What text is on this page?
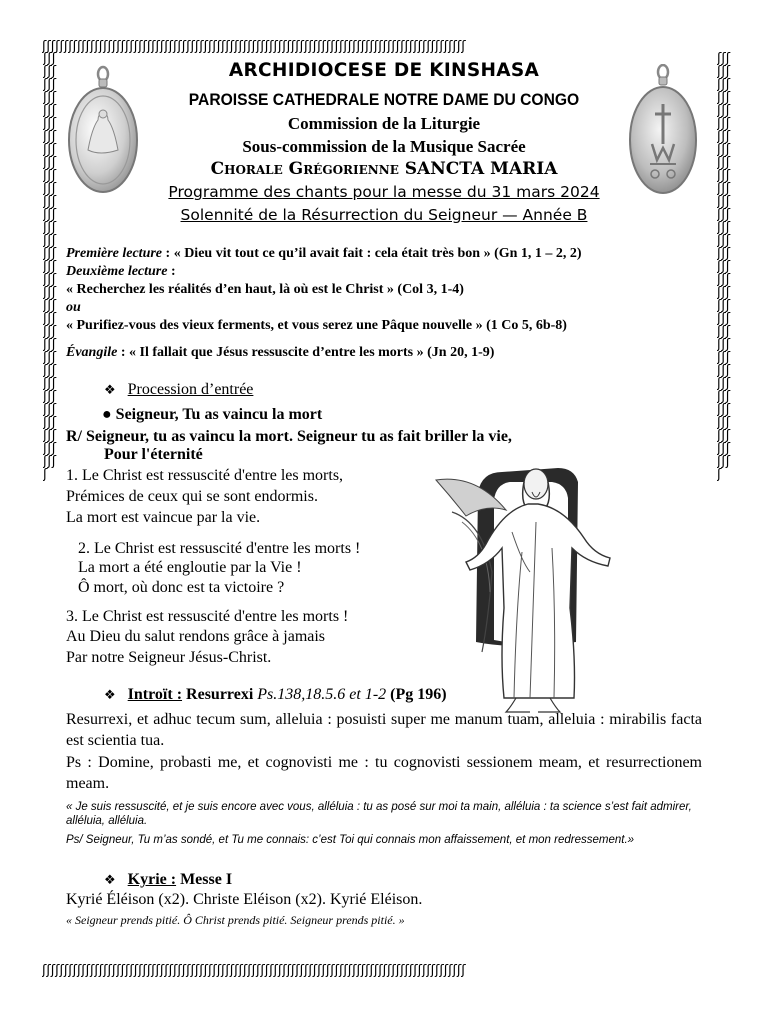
ʃʃʃʃʃʃʃʃʃʃʃʃʃʃʃʃʃʃʃʃʃʃʃʃʃʃʃʃʃʃʃʃʃʃʃʃʃʃʃʃʃʃʃʃʃʃʃʃʃʃʃʃʃʃʃʃʃʃʃʃʃʃʃʃʃʃʃʃʃʃʃʃʃʃʃʃʃʃʃʃʃʃʃʃʃʃʃʃʃʃʃʃʃʃʃʃʃ
ʃʃʃʃʃʃʃʃʃʃʃʃʃʃʃʃʃʃʃʃʃʃʃʃʃʃʃʃʃʃʃʃʃʃʃʃʃʃʃʃʃʃʃʃʃʃʃʃʃʃʃʃʃʃʃʃʃʃʃʃʃʃʃʃʃʃʃʃʃʃʃʃʃʃʃʃʃʃʃʃʃʃʃʃʃʃʃʃʃʃʃʃʃʃʃʃʃ
ʃʃʃʃʃʃʃʃʃʃʃʃʃʃʃʃʃʃʃʃʃʃʃʃʃʃʃʃʃʃʃʃʃʃʃʃʃʃʃʃʃʃʃʃʃʃʃʃʃʃʃʃʃʃʃʃʃʃʃʃʃʃʃʃʃʃʃʃʃʃʃʃʃʃʃʃʃʃʃʃʃʃʃʃʃʃʃʃʃʃʃʃʃʃʃʃʃ
ʃʃʃʃʃʃʃʃʃʃʃʃʃʃʃʃʃʃʃʃʃʃʃʃʃʃʃʃʃʃʃʃʃʃʃʃʃʃʃʃʃʃʃʃʃʃʃʃʃʃʃʃʃʃʃʃʃʃʃʃʃʃʃʃʃʃʃʃʃʃʃʃʃʃʃʃʃʃʃʃʃʃʃʃʃʃʃʃʃʃʃʃʃʃʃʃʃ
ARCHIDIOCESE DE KINSHASA
PAROISSE CATHEDRALE NOTRE DAME DU CONGO
Commission de la Liturgie
Sous-commission de la Musique Sacrée
Chorale Grégorienne SANCTA MARIA
Programme des chants pour la messe du 31 mars 2024
Solennité de la Résurrection du Seigneur — Année B
Première lecture : « Dieu vit tout ce qu’il avait fait : cela était très bon » (Gn 1, 1 – 2, 2)
Deuxième lecture :
« Recherchez les réalités d’en haut, là où est le Christ » (Col 3, 1-4)
ou
« Purifiez-vous des vieux ferments, et vous serez une Pâque nouvelle » (1 Co 5, 6b-8)
Évangile : « Il fallait que Jésus ressuscite d’entre les morts » (Jn 20, 1-9)
❖ Procession d’entrée
● Seigneur, Tu as vaincu la mort
R/ Seigneur, tu as vaincu la mort. Seigneur tu as fait briller la vie,
Pour l'éternité
1. Le Christ est ressuscité d'entre les morts,
Prémices de ceux qui se sont endormis.
La mort est vaincue par la vie.
2. Le Christ est ressuscité d'entre les morts !
La mort a été engloutie par la Vie !
Ô mort, où donc est ta victoire ?
3. Le Christ est ressuscité d'entre les morts !
Au Dieu du salut rendons grâce à jamais
Par notre Seigneur Jésus-Christ.
❖ Introït : Resurrexi Ps.138,18.5.6 et 1-2 (Pg 196)
Resurrexi, et adhuc tecum sum, alleluia : posuisti super me manum tuam, alleluia : mirabilis facta est scientia tua.
Ps : Domine, probasti me, et cognovisti me : tu cognovisti sessionem meam, et resurrectionem meam.
« Je suis ressuscité, et je suis encore avec vous, alléluia : tu as posé sur moi ta main, alléluia : ta science s’est fait admirer, alléluia, alléluia.
Ps/ Seigneur, Tu m’as sondé, et Tu me connais: c’est Toi qui connais mon affaissement, et mon redressement.»
❖ Kyrie : Messe I
Kyrié Éléison (x2). Christe Eléison (x2). Kyrié Eléison.
« Seigneur prends pitié. Ô Christ prends pitié. Seigneur prends pitié. »
